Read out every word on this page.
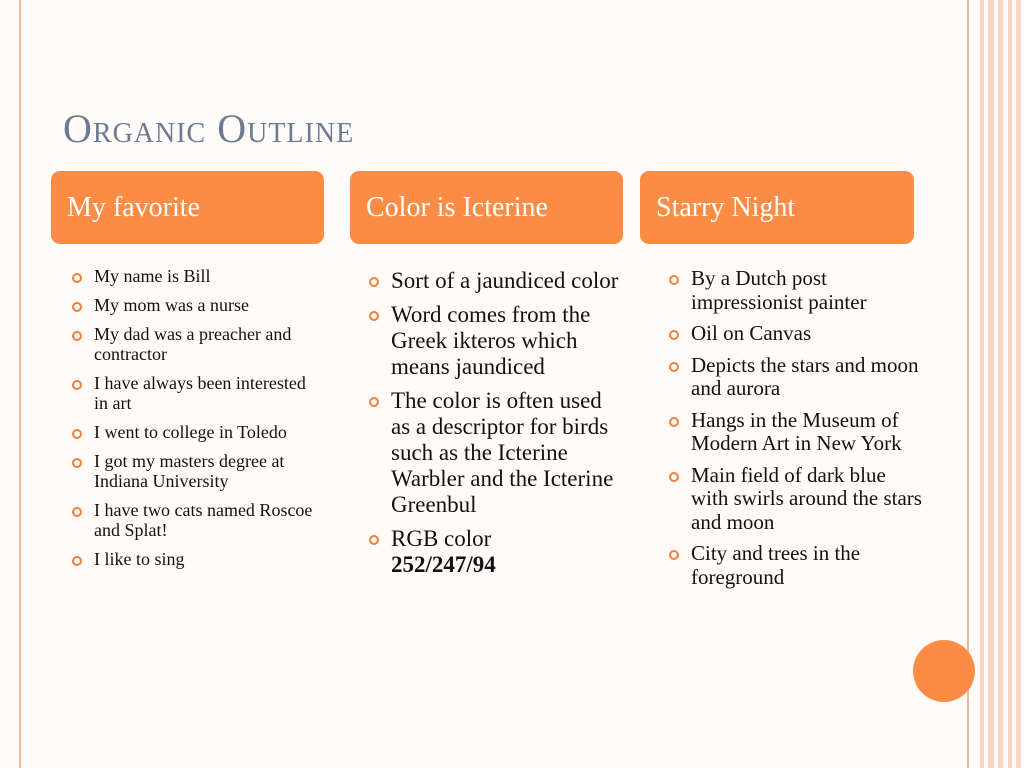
Organic Outline
My favorite	Color is Icterine	Starry Night
My name is Bill
My mom was a nurse
My dad was a preacher and contractor
I have always been interested in art
I went to college in Toledo
I got my masters degree at Indiana University
I have two cats named Roscoe and Splat!
I like to sing
Sort of a jaundiced color
Word comes from the Greek ikteros which means jaundiced
The color is often used as a descriptor for birds such as the Icterine Warbler and the Icterine Greenbul
RGB color
252/247/94
By a Dutch post impressionist painter
Oil on Canvas
Depicts the stars and moon and aurora
Hangs in the Museum of Modern Art in New York
Main field of dark blue with swirls around the stars and moon
City and trees in the foreground
